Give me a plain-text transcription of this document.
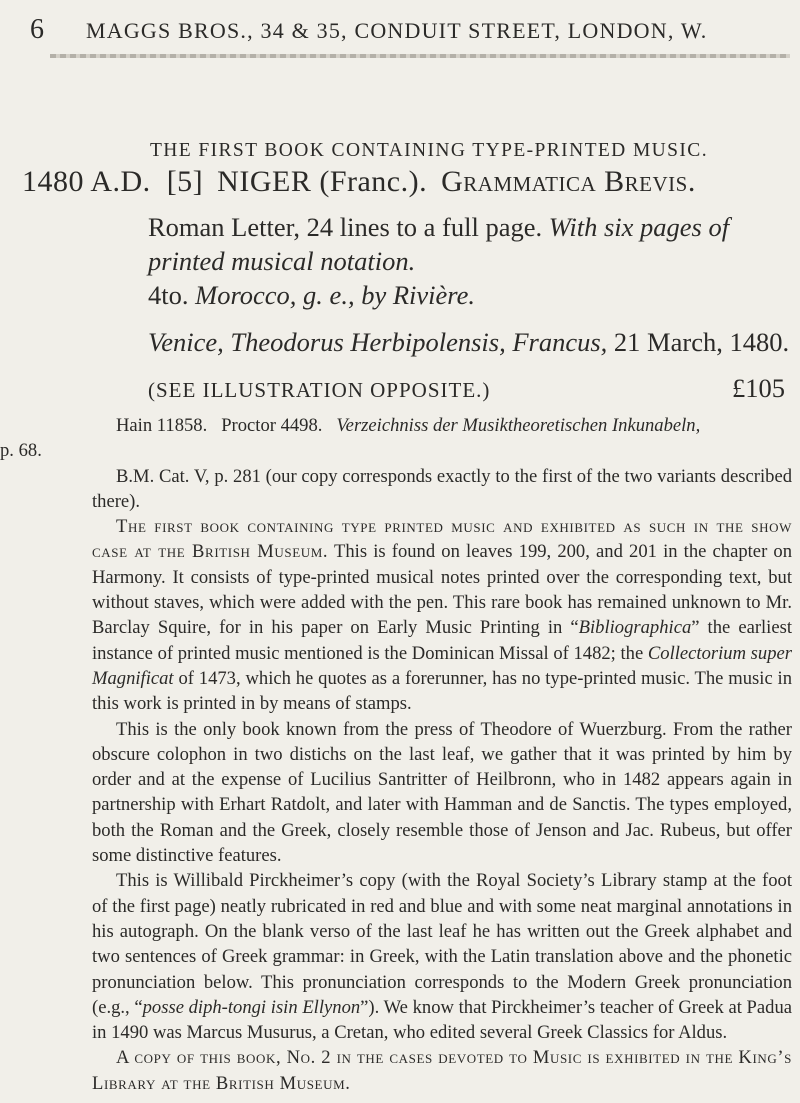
6 MAGGS BROS., 34 & 35, CONDUIT STREET, LONDON, W.
THE FIRST BOOK CONTAINING TYPE-PRINTED MUSIC.
1480 A.D. [5] NIGER (Franc.). Grammatica Brevis.
Roman Letter, 24 lines to a full page. With six pages of printed musical notation.
4to. Morocco, g. e., by Rivière.
Venice, Theodorus Herbipolensis, Francus, 21 March, 1480.
(SEE ILLUSTRATION OPPOSITE.)	£105

Hain 11858. Proctor 4498. Verzeichniss der Musiktheoretischen Inkunabeln,

p. 68.

B.M. Cat. V, p. 281 (our copy corresponds exactly to the first of the two variants described there).

The first book containing type printed music and exhibited as such in the show case at the British Museum. This is found on leaves 199, 200, and 201 in the chapter on Harmony. It consists of type-printed musical notes printed over the corresponding text, but without staves, which were added with the pen. This rare book has remained unknown to Mr. Barclay Squire, for in his paper on Early Music Printing in “Bibliographica” the earliest instance of printed music mentioned is the Dominican Missal of 1482; the Collectorium super Magnificat of 1473, which he quotes as a forerunner, has no type-printed music. The music in this work is printed in by means of stamps.

This is the only book known from the press of Theodore of Wuerzburg. From the rather obscure colophon in two distichs on the last leaf, we gather that it was printed by him by order and at the expense of Lucilius Santritter of Heilbronn, who in 1482 appears again in partnership with Erhart Ratdolt, and later with Hamman and de Sanctis. The types employed, both the Roman and the Greek, closely resemble those of Jenson and Jac. Rubeus, but offer some distinctive features.

This is Willibald Pirckheimer’s copy (with the Royal Society’s Library stamp at the foot of the first page) neatly rubricated in red and blue and with some neat marginal annotations in his autograph. On the blank verso of the last leaf he has written out the Greek alphabet and two sentences of Greek grammar: in Greek, with the Latin translation above and the phonetic pronunciation below. This pronunciation corresponds to the Modern Greek pronunciation (e.g., “posse diph-tongi isin Ellynon”). We know that Pirckheimer’s teacher of Greek at Padua in 1490 was Marcus Musurus, a Cretan, who edited several Greek Classics for Aldus.

A copy of this book, No. 2 in the cases devoted to Music is exhibited in the King’s Library at the British Museum.
